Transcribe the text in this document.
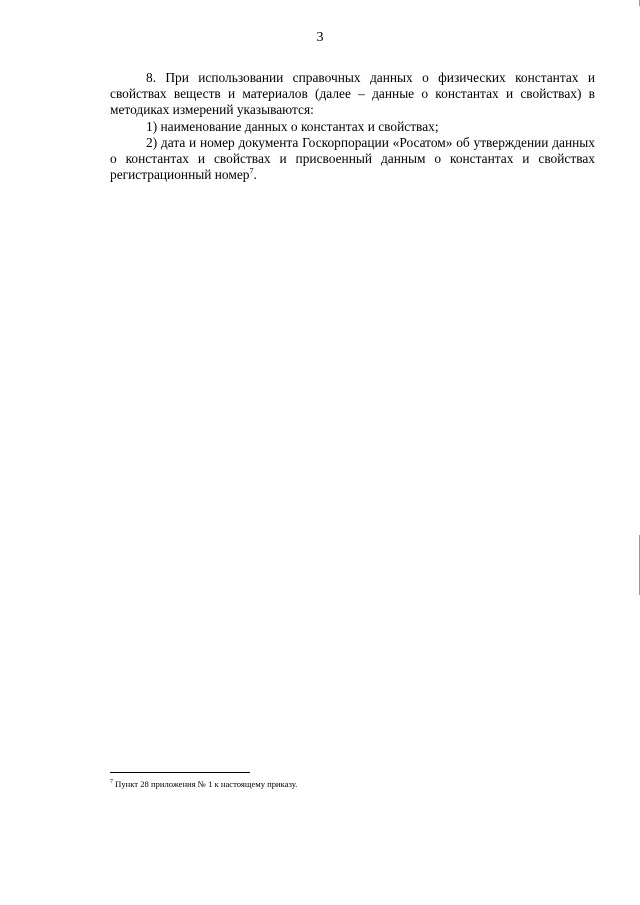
3

8. При использовании справочных данных о физических константах и свойствах веществ и материалов (далее – данные о константах и свойствах) в методиках измерений указываются:

1) наименование данных о константах и свойствах;

2) дата и номер документа Госкорпорации «Росатом» об утверждении данных о константах и свойствах и присвоенный данным о константах и свойствах регистрационный номер$^7$.

$^7$ Пункт 28 приложения № 1 к настоящему приказу.
